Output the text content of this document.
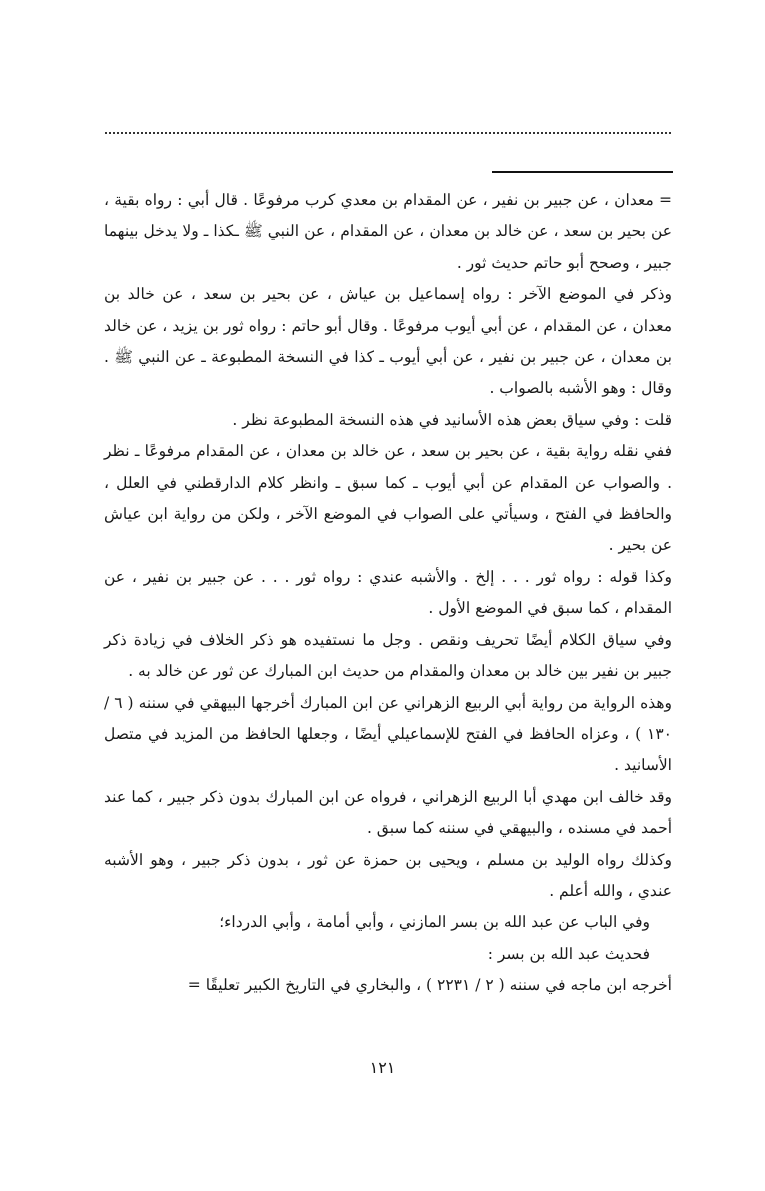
= معدان ، عن جبير بن نفير ، عن المقدام بن معدي كرب مرفوعًا . قال أبي : رواه بقية ، عن بحير بن سعد ، عن خالد بن معدان ، عن المقدام ، عن النبي ﷺ ـكذا ـ ولا يدخل بينهما جبير ، وصحح أبو حاتم حديث ثور .

وذكر في الموضع الآخر : رواه إسماعيل بن عياش ، عن بحير بن سعد ، عن خالد بن معدان ، عن المقدام ، عن أبي أيوب مرفوعًا . وقال أبو حاتم : رواه ثور بن يزيد ، عن خالد بن معدان ، عن جبير بن نفير ، عن أبي أيوب ـ كذا في النسخة المطبوعة ـ عن النبي ﷺ . وقال : وهو الأشبه بالصواب .

قلت : وفي سياق بعض هذه الأسانيد في هذه النسخة المطبوعة نظر .

ففي نقله رواية بقية ، عن بحير بن سعد ، عن خالد بن معدان ، عن المقدام مرفوعًا ـ نظر . والصواب عن المقدام عن أبي أيوب ـ كما سبق ـ وانظر كلام الدارقطني في العلل ، والحافظ في الفتح ، وسيأتي على الصواب في الموضع الآخر ، ولكن من رواية ابن عياش عن بحير .

وكذا قوله : رواه ثور . . . إلخ . والأشبه عندي : رواه ثور . . . عن جبير بن نفير ، عن المقدام ، كما سبق في الموضع الأول .

وفي سياق الكلام أيضًا تحريف ونقص . وجل ما نستفيده هو ذكر الخلاف في زيادة ذكر جبير بن نفير بين خالد بن معدان والمقدام من حديث ابن المبارك عن ثور عن خالد به .

وهذه الرواية من رواية أبي الربيع الزهراني عن ابن المبارك أخرجها البيهقي في سننه ( ٦ / ١٣٠ ) ، وعزاه الحافظ في الفتح للإسماعيلي أيضًا ، وجعلها الحافظ من المزيد في متصل الأسانيد .

وقد خالف ابن مهدي أبا الربيع الزهراني ، فرواه عن ابن المبارك بدون ذكر جبير ، كما عند أحمد في مسنده ، والبيهقي في سننه كما سبق .

وكذلك رواه الوليد بن مسلم ، ويحيى بن حمزة عن ثور ، بدون ذكر جبير ، وهو الأشبه عندي ، والله أعلم .

وفي الباب عن عبد الله بن بسر المازني ، وأبي أمامة ، وأبي الدرداء؛

فحديث عبد الله بن بسر :

أخرجه ابن ماجه في سننه ( ٢ / ٢٢٣١ ) ، والبخاري في التاريخ الكبير تعليقًا =

١٢١
